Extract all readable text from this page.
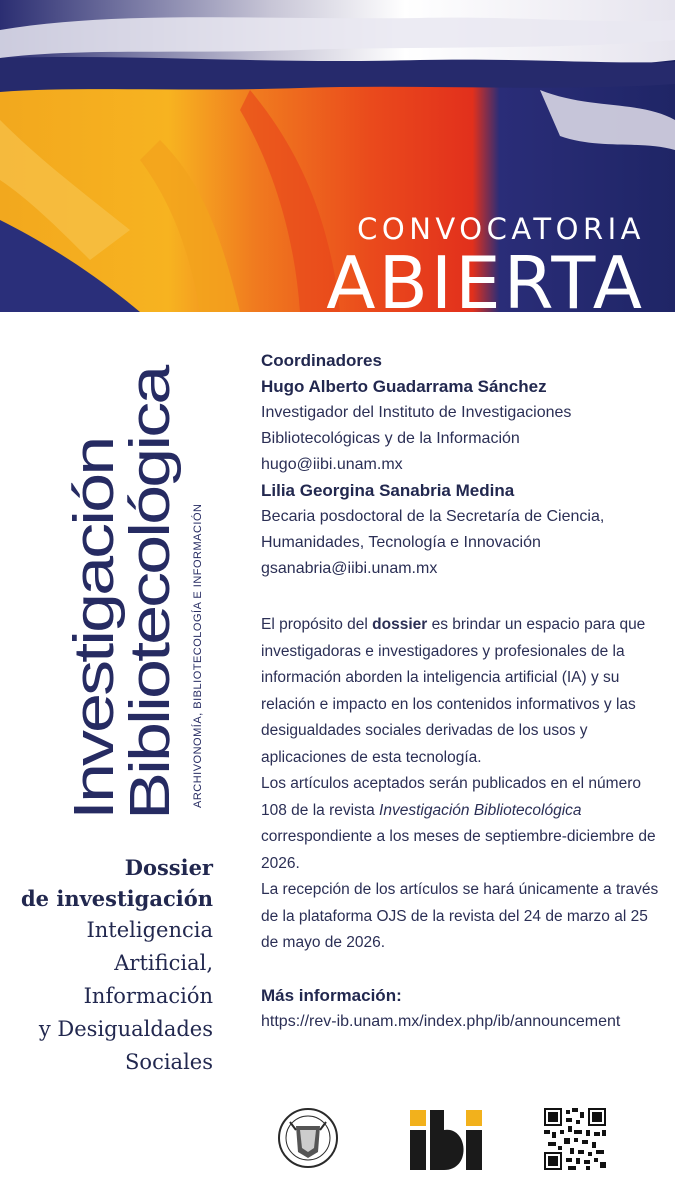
CONVOCATORIA
ABIERTA
Investigación
Bibliotecológica ARCHIVONOMÍA, BIBLIOTECOLOGÍA E INFORMACIÓN
Dossier
de investigación
Inteligencia
Artificial,
Información
y Desigualdades
Sociales
Coordinadores
Hugo Alberto Guadarrama Sánchez
Investigador del Instituto de Investigaciones
Bibliotecológicas y de la Información
hugo@iibi.unam.mx
Lilia Georgina Sanabria Medina
Becaria posdoctoral de la Secretaría de Ciencia,
Humanidades, Tecnología e Innovación
gsanabria@iibi.unam.mx
El propósito del dossier es brindar un espacio para que investigadoras e investigadores y profesionales de la información aborden la inteligencia artificial (IA) y su relación e impacto en los contenidos informativos y las desigualdades sociales derivadas de los usos y aplicaciones de esta tecnología.
Los artículos aceptados serán publicados en el número 108 de la revista Investigación Bibliotecológica correspondiente a los meses de septiembre-diciembre de 2026.
La recepción de los artículos se hará únicamente a través de la plataforma OJS de la revista del 24 de marzo al 25 de mayo de 2026.
Más información:
https://rev-ib.unam.mx/index.php/ib/announcement
